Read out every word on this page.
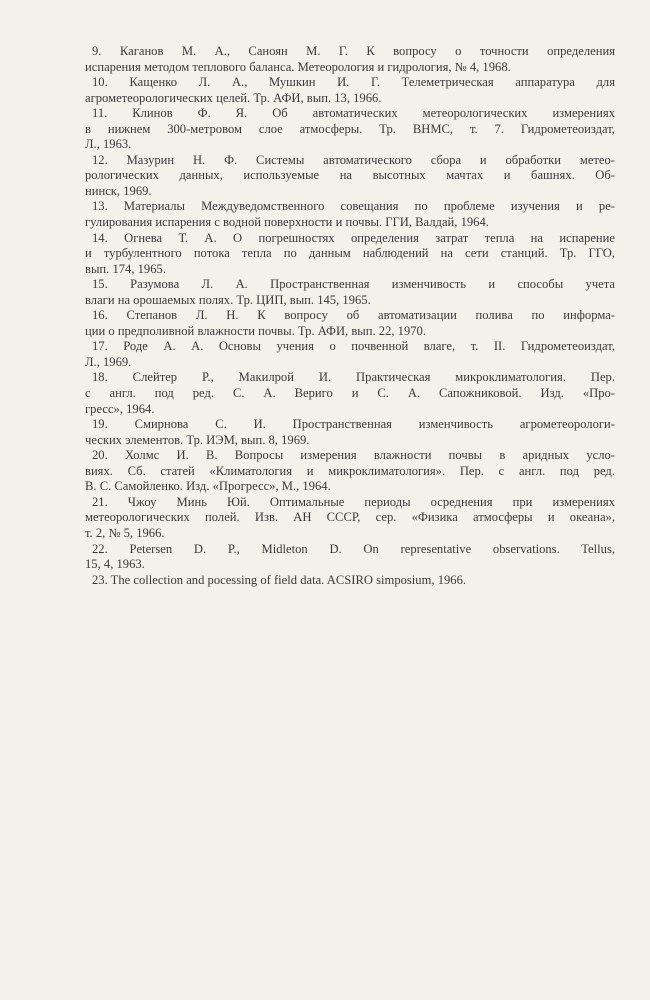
9. Каганов М. А., Саноян М. Г. К вопросу о точности определения
испарения методом теплового баланса. Метеорология и гидрология, № 4, 1968.
10. Кащенко Л. А., Мушкин И. Г. Телеметрическая аппаратура для
агрометеорологических целей. Тр. АФИ, вып. 13, 1966.
11. Клинов Ф. Я. Об автоматических метеорологических измерениях
в нижнем 300-метровом слое атмосферы. Тр. ВНМС, т. 7. Гидрометеоиздат,
Л., 1963.
12. Мазурин Н. Ф. Системы автоматического сбора и обработки метео-
рологических данных, используемые на высотных мачтах и башнях. Об-
нинск, 1969.
13. Материалы Междуведомственного совещания по проблеме изучения и ре-
гулирования испарения с водной поверхности и почвы. ГГИ, Валдай, 1964.
14. Огнева Т. А. О погрешностях определения затрат тепла на испарение
и турбулентного потока тепла по данным наблюдений на сети станций. Тр. ГГО,
вып. 174, 1965.
15. Разумова Л. А. Пространственная изменчивость и способы учета
влаги на орошаемых полях. Тр. ЦИП, вып. 145, 1965.
16. Степанов Л. Н. К вопросу об автоматизации полива по информа-
ции о предполивной влажности почвы. Тр. АФИ, вып. 22, 1970.
17. Роде А. А. Основы учения о почвенной влаге, т. II. Гидрометеоиздат,
Л., 1969.
18. Слейтер Р., Макилрой И. Практическая микроклиматология. Пер.
с англ. под ред. С. А. Вериго и С. А. Сапожниковой. Изд. «Про-
гресс», 1964.
19. Смирнова С. И. Пространственная изменчивость агрометеорологи-
ческих элементов. Тр. ИЭМ, вып. 8, 1969.
20. Холмс И. В. Вопросы измерения влажности почвы в аридных усло-
виях. Сб. статей «Климатология и микроклиматология». Пер. с англ. под ред.
В. С. Самойленко. Изд. «Прогресс», М., 1964.
21. Чжоу Минь Юй. Оптимальные периоды осреднения при измерениях
метеорологических полей. Изв. АН СССР, сер. «Физика атмосферы и океана»,
т. 2, № 5, 1966.
22. Petersen D. P., Midleton D. On representative observations. Tellus,
15, 4, 1963.
23. The collection and pocessing of field data. ACSIRO simposium, 1966.
